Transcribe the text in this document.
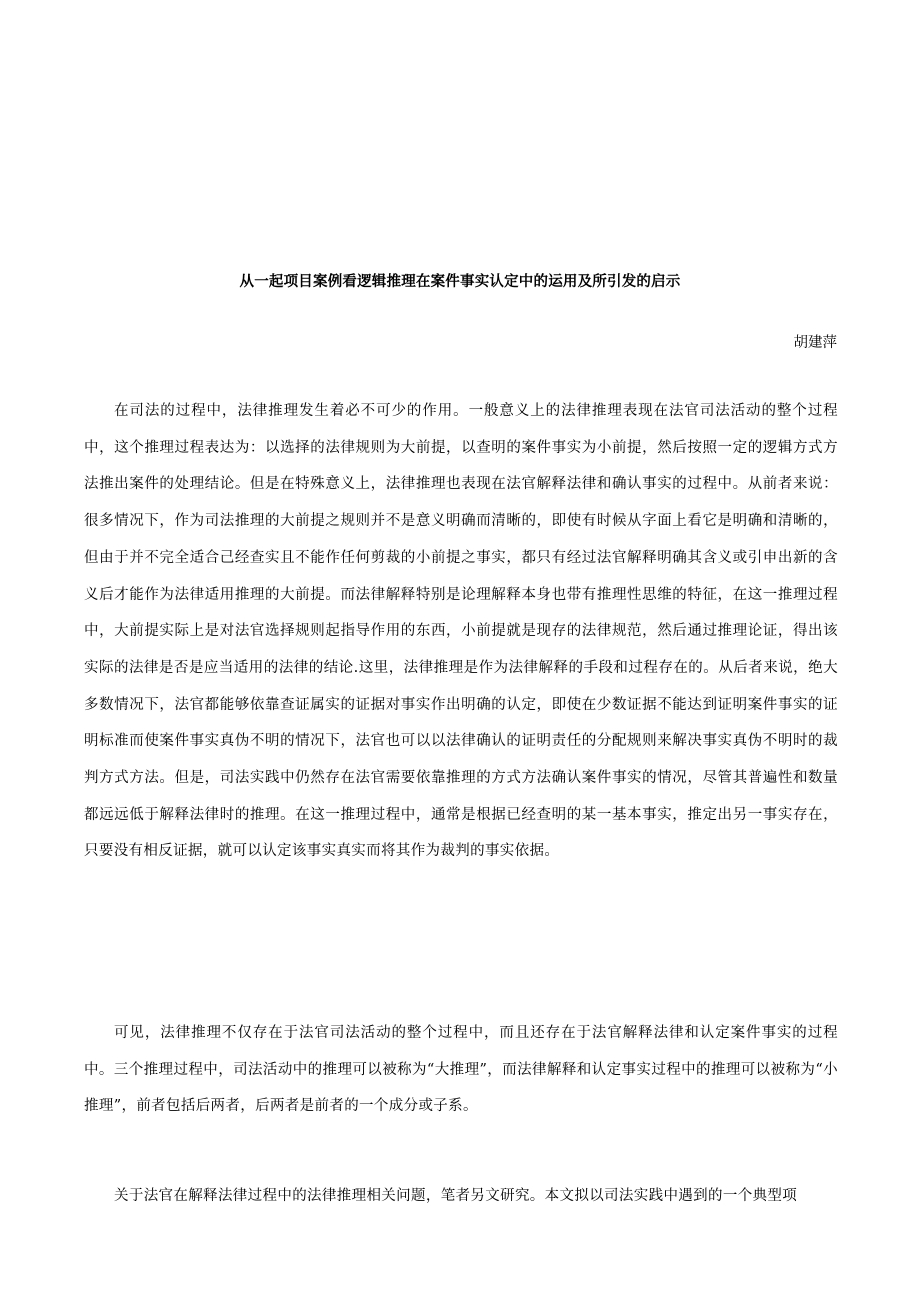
从一起项目案例看逻辑推理在案件事实认定中的运用及所引发的启示
胡建萍

在司法的过程中，法律推理发生着必不可少的作用。一般意义上的法律推理表现在法官司法活动的整个过程中，这个推理过程表达为：以选择的法律规则为大前提，以查明的案件事实为小前提，然后按照一定的逻辑方式方法推出案件的处理结论。但是在特殊意义上，法律推理也表现在法官解释法律和确认事实的过程中。从前者来说：很多情况下，作为司法推理的大前提之规则并不是意义明确而清晰的，即使有时候从字面上看它是明确和清晰的，但由于并不完全适合己经查实且不能作任何剪裁的小前提之事实，都只有经过法官解释明确其含义或引申出新的含义后才能作为法律适用推理的大前提。而法律解释特别是论理解释本身也带有推理性思维的特征，在这一推理过程中，大前提实际上是对法官选择规则起指导作用的东西，小前提就是现存的法律规范，然后通过推理论证，得出该实际的法律是否是应当适用的法律的结论.这里，法律推理是作为法律解释的手段和过程存在的。从后者来说，绝大多数情况下，法官都能够依靠查证属实的证据对事实作出明确的认定，即使在少数证据不能达到证明案件事实的证明标准而使案件事实真伪不明的情况下，法官也可以以法律确认的证明责任的分配规则来解决事实真伪不明时的裁判方式方法。但是，司法实践中仍然存在法官需要依靠推理的方式方法确认案件事实的情况，尽管其普遍性和数量都远远低于解释法律时的推理。在这一推理过程中，通常是根据已经查明的某一基本事实，推定出另一事实存在，只要没有相反证据，就可以认定该事实真实而将其作为裁判的事实依据。

可见，法律推理不仅存在于法官司法活动的整个过程中，而且还存在于法官解释法律和认定案件事实的过程中。三个推理过程中，司法活动中的推理可以被称为“大推理”，而法律解释和认定事实过程中的推理可以被称为“小推理”，前者包括后两者，后两者是前者的一个成分或子系。

关于法官在解释法律过程中的法律推理相关问题，笔者另文研究。本文拟以司法实践中遇到的一个典型项
